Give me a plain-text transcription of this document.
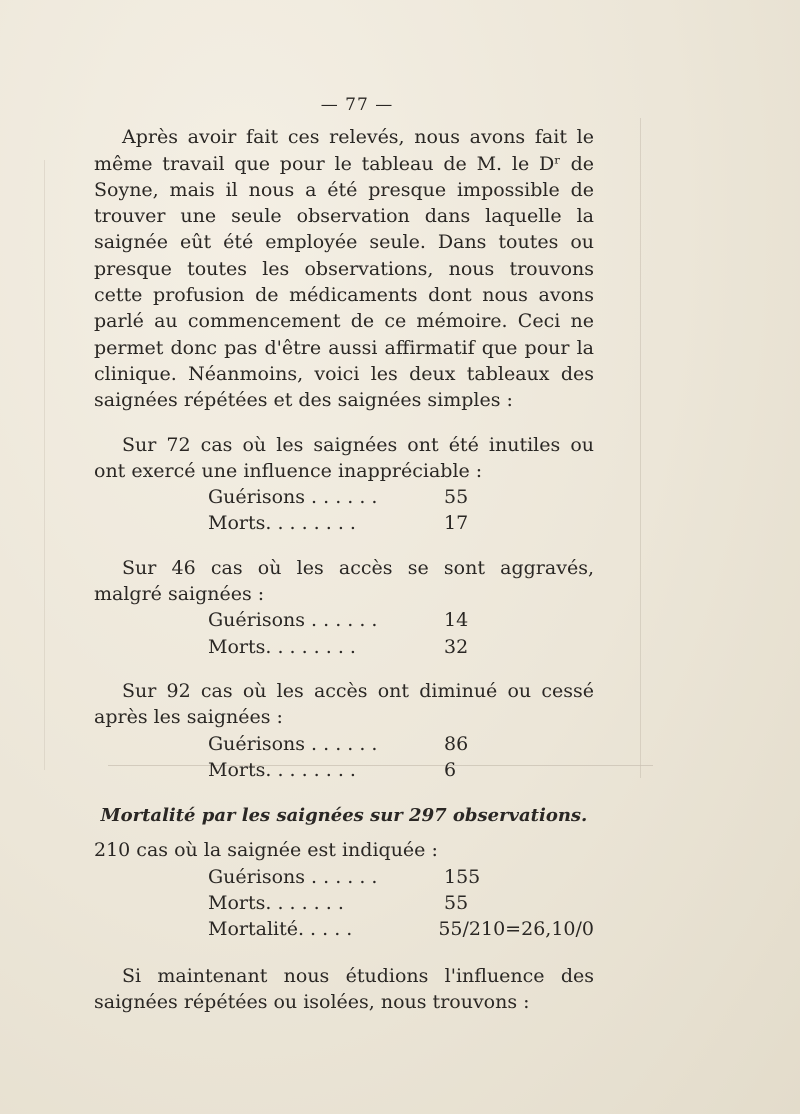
— 77 —

Après avoir fait ces relevés, nous avons fait le même travail que pour le tableau de M. le Dʳ de Soyne, mais il nous a été presque impossible de trouver une seule observation dans laquelle la saignée eût été employée seule. Dans toutes ou presque toutes les observations, nous trouvons cette profusion de médicaments dont nous avons parlé au commencement de ce mémoire. Ceci ne permet donc pas d'être aussi affirmatif que pour la clinique. Néanmoins, voici les deux tableaux des saignées répétées et des saignées simples :

Sur 72 cas où les saignées ont été inutiles ou ont exercé une influence inappréciable :

Guérisons . . . . . .	55
Morts. . . . . . . .	17

Sur 46 cas où les accès se sont aggravés, malgré saignées :

Guérisons . . . . . .	14
Morts. . . . . . . .	32

Sur 92 cas où les accès ont diminué ou cessé après les saignées :

Guérisons . . . . . .	86
Morts. . . . . . . .	6
Mortalité par les saignées sur 297 observations.

210 cas où la saignée est indiquée :

Guérisons . . . . . .	155
Morts. . . . . . .	55
Mortalité. . . . .	55/210=26,10/0

Si maintenant nous étudions l'influence des saignées répétées ou isolées, nous trouvons :
